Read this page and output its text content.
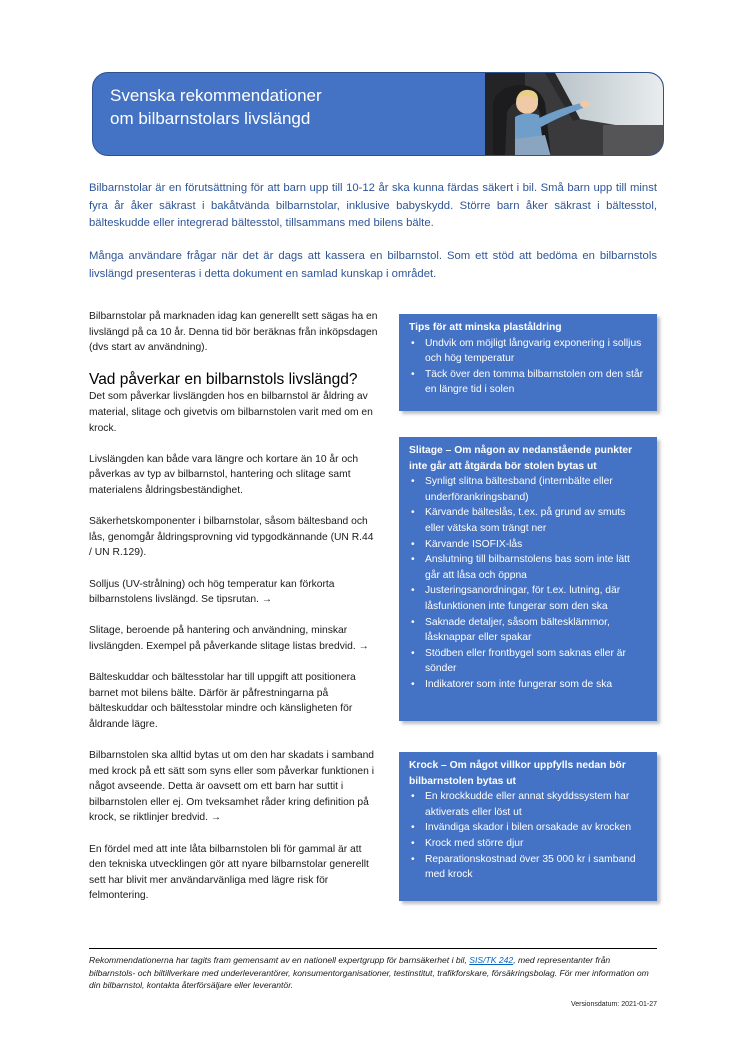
Svenska rekommendationer
om bilbarnstolars livslängd

Bilbarnstolar är en förutsättning för att barn upp till 10-12 år ska kunna färdas säkert i bil. Små barn upp till minst fyra år åker säkrast i bakåtvända bilbarnstolar, inklusive babyskydd. Större barn åker säkrast i bältesstol, bälteskudde eller integrerad bältesstol, tillsammans med bilens bälte.

Många användare frågar när det är dags att kassera en bilbarnstol. Som ett stöd att bedöma en bilbarnstols livslängd presenteras i detta dokument en samlad kunskap i området.

Bilbarnstolar på marknaden idag kan generellt sett sägas ha en livslängd på ca 10 år. Denna tid bör beräknas från inköpsdagen (dvs start av användning).

Vad påverkar en bilbarnstols livslängd?

Det som påverkar livslängden hos en bilbarnstol är åldring av material, slitage och givetvis om bilbarnstolen varit med om en krock.

Livslängden kan både vara längre och kortare än 10 år och påverkas av typ av bilbarnstol, hantering och slitage samt materialens åldringsbeständighet.

Säkerhetskomponenter i bilbarnstolar, såsom bältesband och lås, genomgår åldringsprovning vid typgodkännande (UN R.44 / UN R.129).

Solljus (UV-strålning) och hög temperatur kan förkorta bilbarnstolens livslängd. Se tipsrutan. →

Slitage, beroende på hantering och användning, minskar livslängden. Exempel på påverkande slitage listas bredvid. →

Bälteskuddar och bältesstolar har till uppgift att positionera barnet mot bilens bälte. Därför är påfrestningarna på bälteskuddar och bältesstolar mindre och känsligheten för åldrande lägre.

Bilbarnstolen ska alltid bytas ut om den har skadats i samband med krock på ett sätt som syns eller som påverkar funktionen i något avseende. Detta är oavsett om ett barn har suttit i bilbarnstolen eller ej. Om tveksamhet råder kring definition på krock, se riktlinjer bredvid. →

En fördel med att inte låta bilbarnstolen bli för gammal är att den tekniska utvecklingen gör att nyare bilbarnstolar generellt sett har blivit mer användarvänliga med lägre risk för felmontering.

Tips för att minska plaståldring
• Undvik om möjligt långvarig exponering i solljus och hög temperatur
• Täck över den tomma bilbarnstolen om den står en längre tid i solen
Slitage – Om någon av nedanstående punkter inte går att åtgärda bör stolen bytas ut
• Synligt slitna bältesband (internbälte eller underförankringsband)
• Kärvande bälteslås, t.ex. på grund av smuts eller vätska som trängt ner
• Kärvande ISOFIX-lås
• Anslutning till bilbarnstolens bas som inte lätt går att låsa och öppna
• Justeringsanordningar, för t.ex. lutning, där låsfunktionen inte fungerar som den ska
• Saknade detaljer, såsom bältesklämmor, låsknappar eller spakar
• Stödben eller frontbygel som saknas eller är sönder
• Indikatorer som inte fungerar som de ska
Krock – Om något villkor uppfylls nedan bör bilbarnstolen bytas ut
• En krockkudde eller annat skyddssystem har aktiverats eller löst ut
• Invändiga skador i bilen orsakade av krocken
• Krock med större djur
• Reparationskostnad över 35 000 kr i samband med krock

Rekommendationerna har tagits fram gemensamt av en nationell expertgrupp för barnsäkerhet i bil, SIS/TK 242, med representanter från bilbarnstols- och biltillverkare med underleverantörer, konsumentorganisationer, testinstitut, trafikforskare, försäkringsbolag. För mer information om din bilbarnstol, kontakta återförsäljare eller leverantör.

Versionsdatum: 2021-01-27
